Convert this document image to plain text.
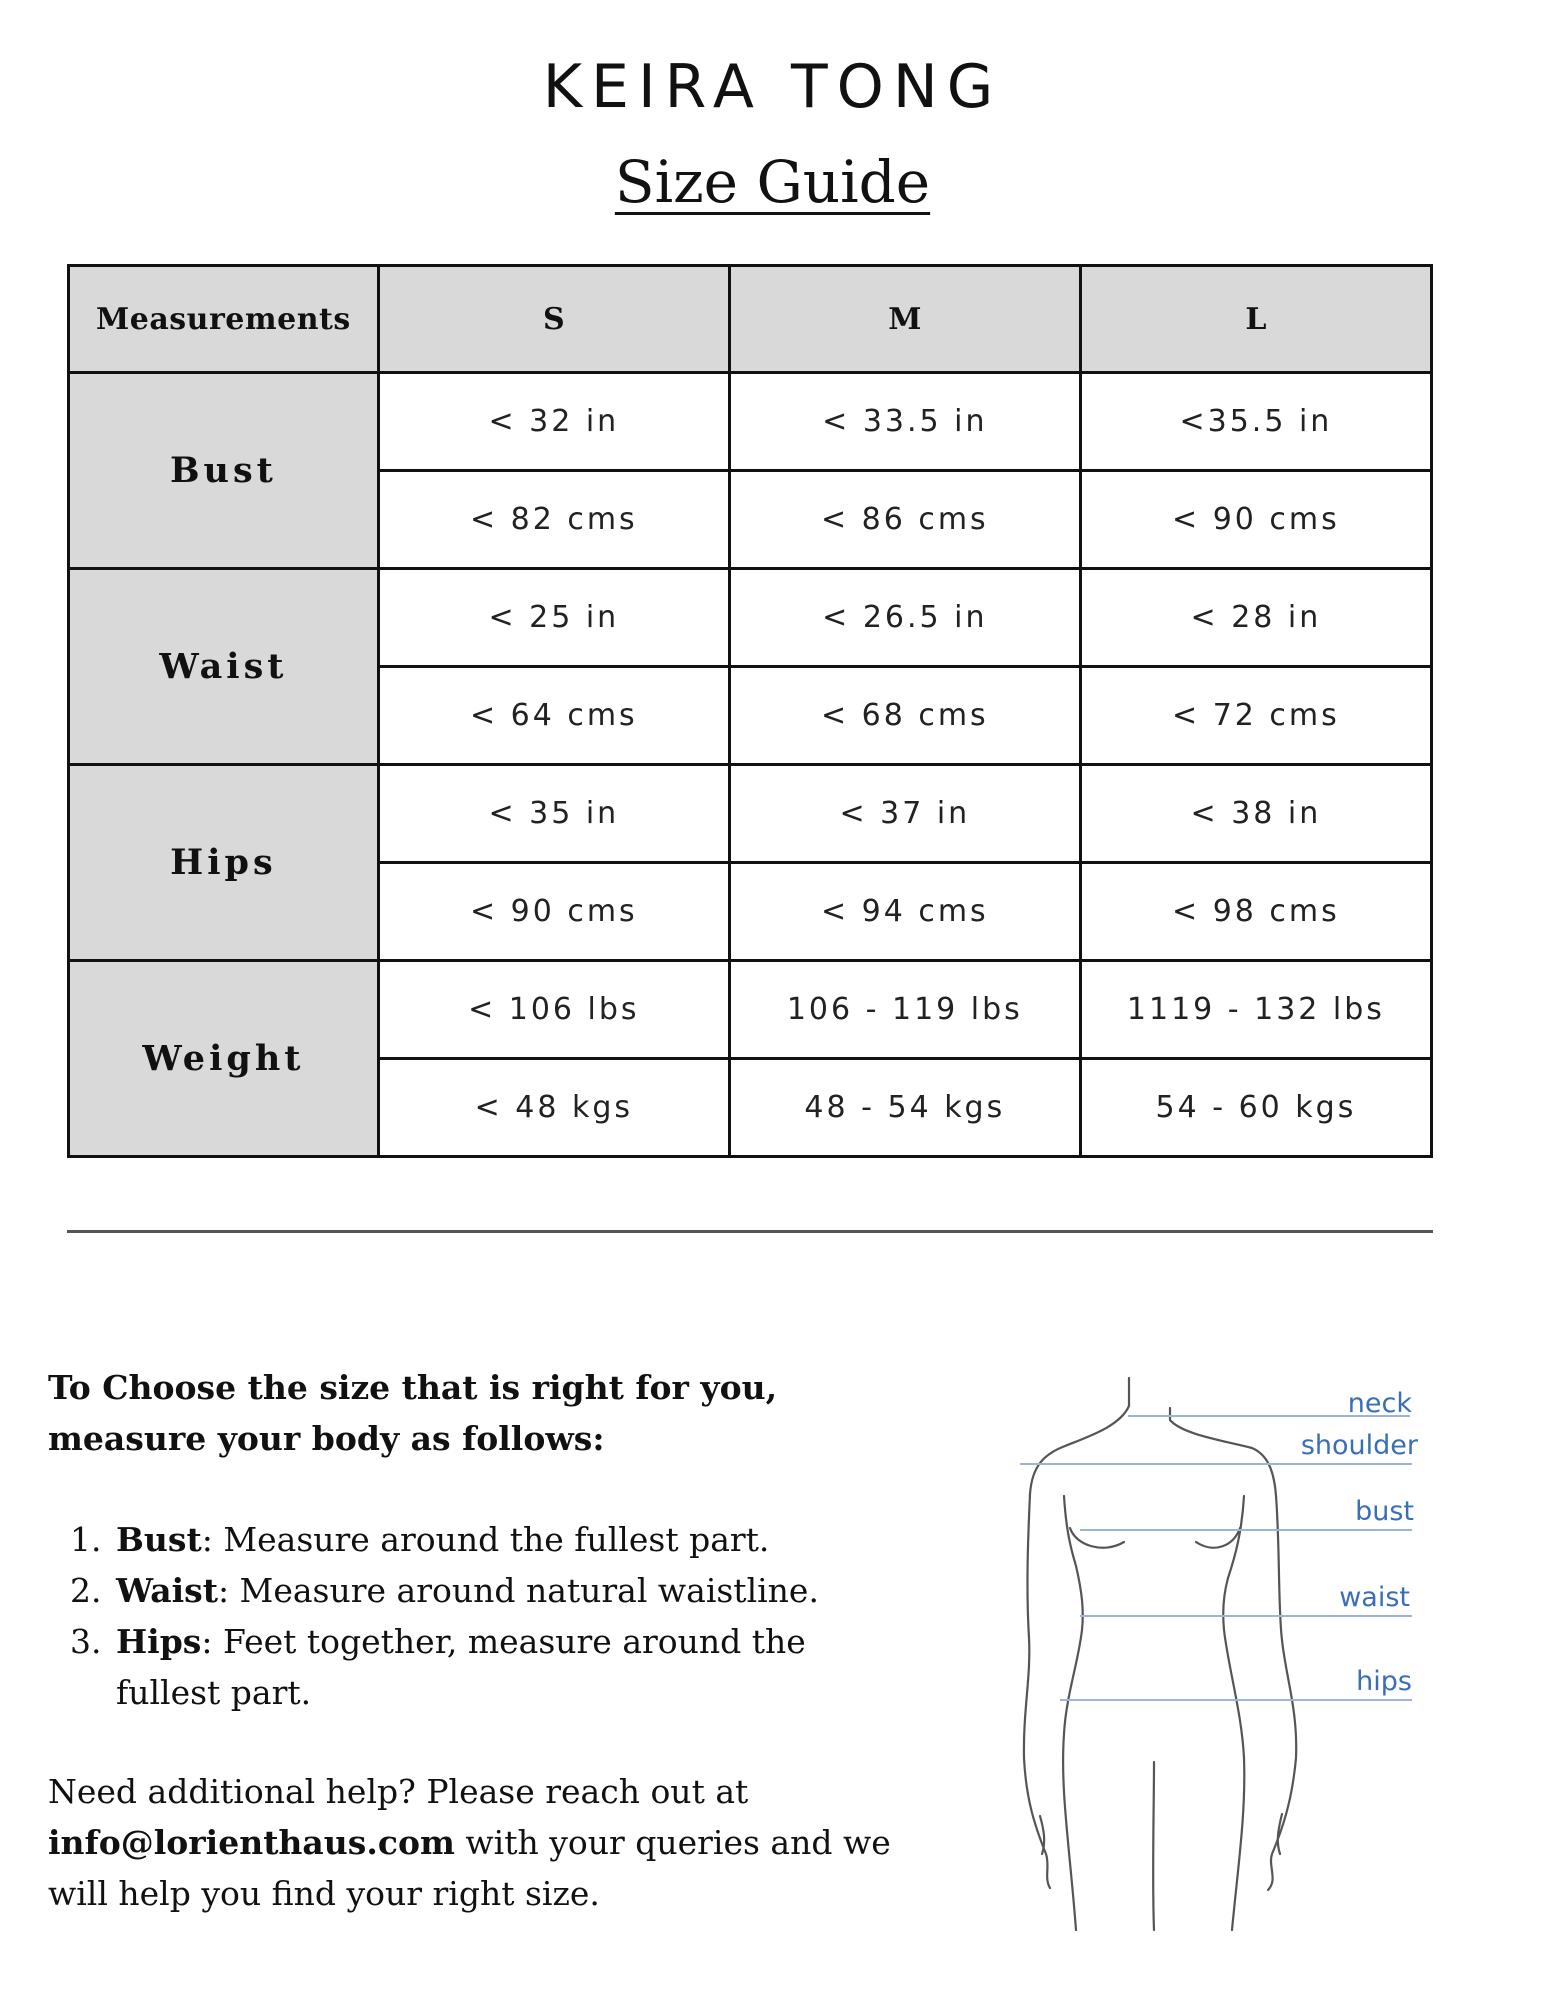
KEIRA TONG
Size Guide
Measurements	S	M	L
Bust	< 32 in	< 33.5 in	<35.5 in
	< 82 cms	< 86 cms	< 90 cms
Waist	< 25 in	< 26.5 in	< 28 in
	< 64 cms	< 68 cms	< 72 cms
Hips	< 35 in	< 37 in	< 38 in
	< 90 cms	< 94 cms	< 98 cms
Weight	< 106 lbs	106 - 119 lbs	1119 - 132 lbs
	< 48 kgs	48 - 54 kgs	54 - 60 kgs

To Choose the size that is right for you, measure your body as follows:

1. Bust: Measure around the fullest part.
2. Waist: Measure around natural waistline.
3. Hips: Feet together, measure around the fullest part.

Need additional help? Please reach out at info@lorienthaus.com with your queries and we will help you find your right size.

neck
shoulder
bust
waist
hips
